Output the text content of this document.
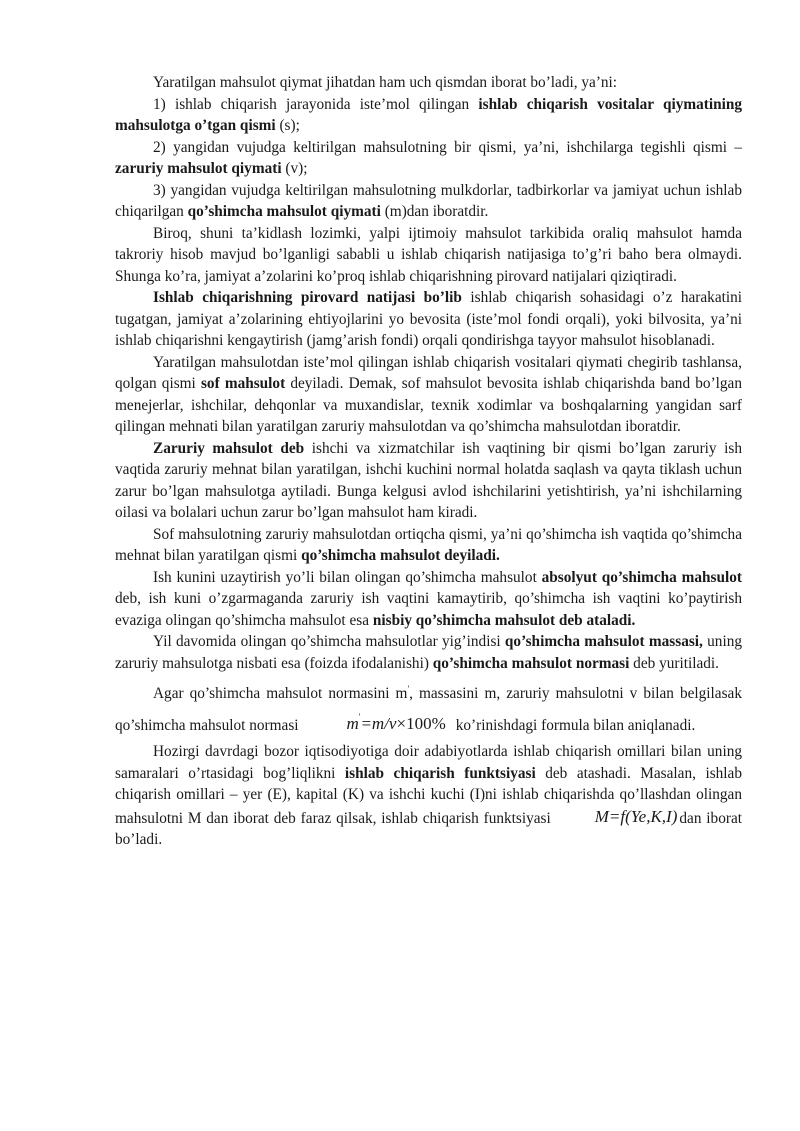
Yaratilgan mahsulot qiymat jihatdan ham uch qismdan iborat bo’ladi, ya’ni:

1) ishlab chiqarish jarayonida iste’mol qilingan ishlab chiqarish vositalar qiymatining mahsulotga o’tgan qismi (s);

2) yangidan vujudga keltirilgan mahsulotning bir qismi, ya’ni, ishchilarga tegishli qismi – zaruriy mahsulot qiymati (v);

3) yangidan vujudga keltirilgan mahsulotning mulkdorlar, tadbirkorlar va jamiyat uchun ishlab chiqarilgan qo’shimcha mahsulot qiymati (m)dan iboratdir.

Biroq, shuni ta’kidlash lozimki, yalpi ijtimoiy mahsulot tarkibida oraliq mahsulot hamda takroriy hisob mavjud bo’lganligi sababli u ishlab chiqarish natijasiga to’g’ri baho bera olmaydi. Shunga ko’ra, jamiyat a’zolarini ko’proq ishlab chiqarishning pirovard natijalari qiziqtiradi.

Ishlab chiqarishning pirovard natijasi bo’lib ishlab chiqarish sohasidagi o’z harakatini tugatgan, jamiyat a’zolarining ehtiyojlarini yo bevosita (iste’mol fondi orqali), yoki bilvosita, ya’ni ishlab chiqarishni kengaytirish (jamg’arish fondi) orqali qondirishga tayyor mahsulot hisoblanadi.

Yaratilgan mahsulotdan iste’mol qilingan ishlab chiqarish vositalari qiymati chegirib tashlansa, qolgan qismi sof mahsulot deyiladi. Demak, sof mahsulot bevosita ishlab chiqarishda band bo’lgan menejerlar, ishchilar, dehqonlar va muxandislar, texnik xodimlar va boshqalarning yangidan sarf qilingan mehnati bilan yaratilgan zaruriy mahsulotdan va qo’shimcha mahsulotdan iboratdir.

Zaruriy mahsulot deb ishchi va xizmatchilar ish vaqtining bir qismi bo’lgan zaruriy ish vaqtida zaruriy mehnat bilan yaratilgan, ishchi kuchini normal holatda saqlash va qayta tiklash uchun zarur bo’lgan mahsulotga aytiladi. Bunga kelgusi avlod ishchilarini yetishtirish, ya’ni ishchilarning oilasi va bolalari uchun zarur bo’lgan mahsulot ham kiradi.

Sof mahsulotning zaruriy mahsulotdan ortiqcha qismi, ya’ni qo’shimcha ish vaqtida qo’shimcha mehnat bilan yaratilgan qismi qo’shimcha mahsulot deyiladi.

Ish kunini uzaytirish yo’li bilan olingan qo’shimcha mahsulot absolyut qo’shimcha mahsulot deb, ish kuni o’zgarmaganda zaruriy ish vaqtini kamaytirib, qo’shimcha ish vaqtini ko’paytirish evaziga olingan qo’shimcha mahsulot esa nisbiy qo’shimcha mahsulot deb ataladi.

Yil davomida olingan qo’shimcha mahsulotlar yig’indisi qo’shimcha mahsulot massasi, uning zaruriy mahsulotga nisbati esa (foizda ifodalanishi) qo’shimcha mahsulot normasi deb yuritiladi.

Agar qo’shimcha mahsulot normasini m', massasini m, zaruriy mahsulotni v bilan belgilasak qo’shimcha mahsulot normasi	m'=m/v×100% ko’rinishdagi formula bilan aniqlanadi.

Hozirgi davrdagi bozor iqtisodiyotiga doir adabiyotlarda ishlab chiqarish omillari bilan uning samaralari o’rtasidagi bog’liqlikni ishlab chiqarish funktsiyasi deb atashadi. Masalan, ishlab chiqarish omillari – yer (E), kapital (K) va ishchi kuchi (I)ni ishlab chiqarishda qo’llashdan olingan mahsulotni M dan iborat deb faraz qilsak, ishlab chiqarish funktsiyasi	M=f(Ye,K,I) dan iborat bo’ladi.
